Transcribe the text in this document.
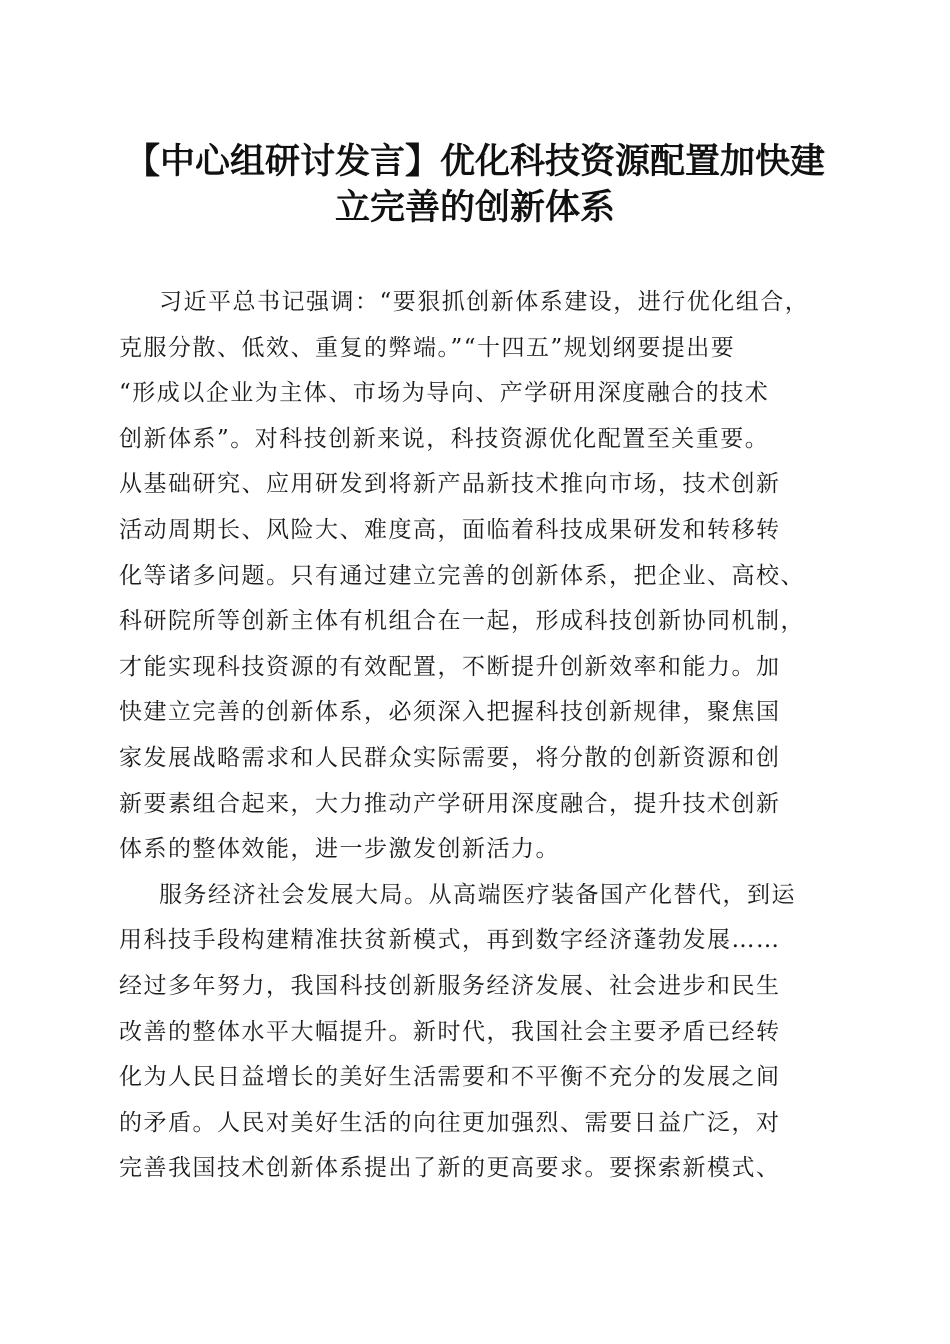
【中心组研讨发言】优化科技资源配置加快建
立完善的创新体系
习近平总书记强调：“要狠抓创新体系建设，进行优化组合，
克服分散、低效、重复的弊端。”“十四五”规划纲要提出要
“形成以企业为主体、市场为导向、产学研用深度融合的技术
创新体系”。对科技创新来说，科技资源优化配置至关重要。
从基础研究、应用研发到将新产品新技术推向市场，技术创新
活动周期长、风险大、难度高，面临着科技成果研发和转移转
化等诸多问题。只有通过建立完善的创新体系，把企业、高校、
科研院所等创新主体有机组合在一起，形成科技创新协同机制，
才能实现科技资源的有效配置，不断提升创新效率和能力。加
快建立完善的创新体系，必须深入把握科技创新规律，聚焦国
家发展战略需求和人民群众实际需要，将分散的创新资源和创
新要素组合起来，大力推动产学研用深度融合，提升技术创新
体系的整体效能，进一步激发创新活力。
服务经济社会发展大局。从高端医疗装备国产化替代，到运
用科技手段构建精准扶贫新模式，再到数字经济蓬勃发展……
经过多年努力，我国科技创新服务经济发展、社会进步和民生
改善的整体水平大幅提升。新时代，我国社会主要矛盾已经转
化为人民日益增长的美好生活需要和不平衡不充分的发展之间
的矛盾。人民对美好生活的向往更加强烈、需要日益广泛，对
完善我国技术创新体系提出了新的更高要求。要探索新模式、
